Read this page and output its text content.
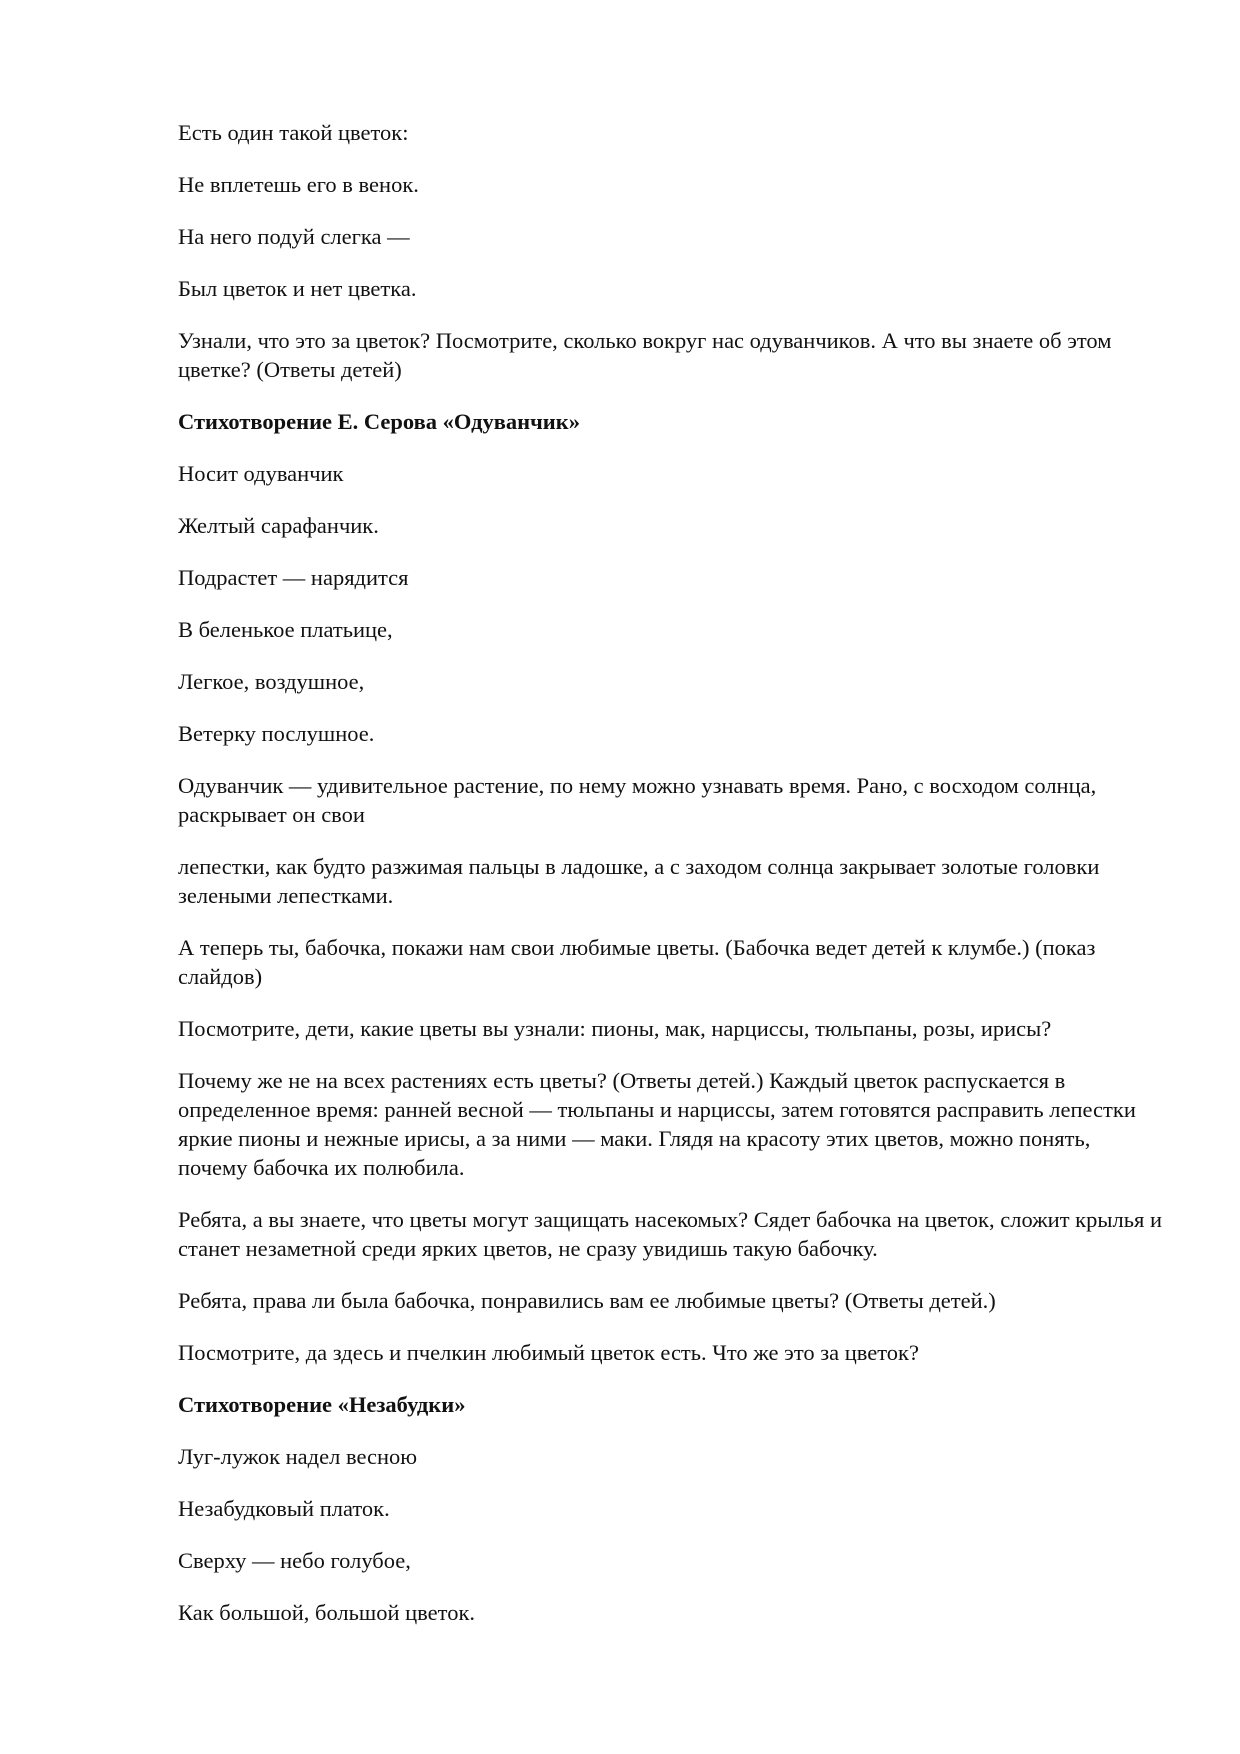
Есть один такой цветок:

Не вплетешь его в венок.

На него подуй слегка —

Был цветок и нет цветка.

Узнали, что это за цветок? Посмотрите, сколько вокруг нас одуванчиков. А что вы знаете об этом цветке? (Ответы детей)

Стихотворение Е. Серова «Одуванчик»

Носит одуванчик

Желтый сарафанчик.

Подрастет — нарядится

В беленькое платьице,

Легкое, воздушное,

Ветерку послушное.

Одуванчик — удивительное растение, по нему можно узнавать время. Рано, с восходом солнца, раскрывает он свои

лепестки, как будто разжимая пальцы в ладошке, а с заходом солнца закрывает золотые головки зелеными лепестками.

А теперь ты, бабочка, покажи нам свои любимые цветы. (Бабочка ведет детей к клумбе.) (показ слайдов)

Посмотрите, дети, какие цветы вы узнали: пионы, мак, нарциссы, тюльпаны, розы, ирисы?

Почему же не на всех растениях есть цветы? (Ответы детей.) Каждый цветок распускается в определенное время: ранней весной — тюльпаны и нарциссы, затем готовятся расправить лепестки яркие пионы и нежные ирисы, а за ними — маки. Глядя на красоту этих цветов, можно понять, почему бабочка их полюбила.

Ребята, а вы знаете, что цветы могут защищать насекомых? Сядет бабочка на цветок, сложит крылья и станет незаметной среди ярких цветов, не сразу увидишь такую бабочку.

Ребята, права ли была бабочка, понравились вам ее любимые цветы? (Ответы детей.)

Посмотрите, да здесь и пчелкин любимый цветок есть. Что же это за цветок?

Стихотворение «Незабудки»

Луг-лужок надел весною

Незабудковый платок.

Сверху — небо голубое,

Как большой, большой цветок.
